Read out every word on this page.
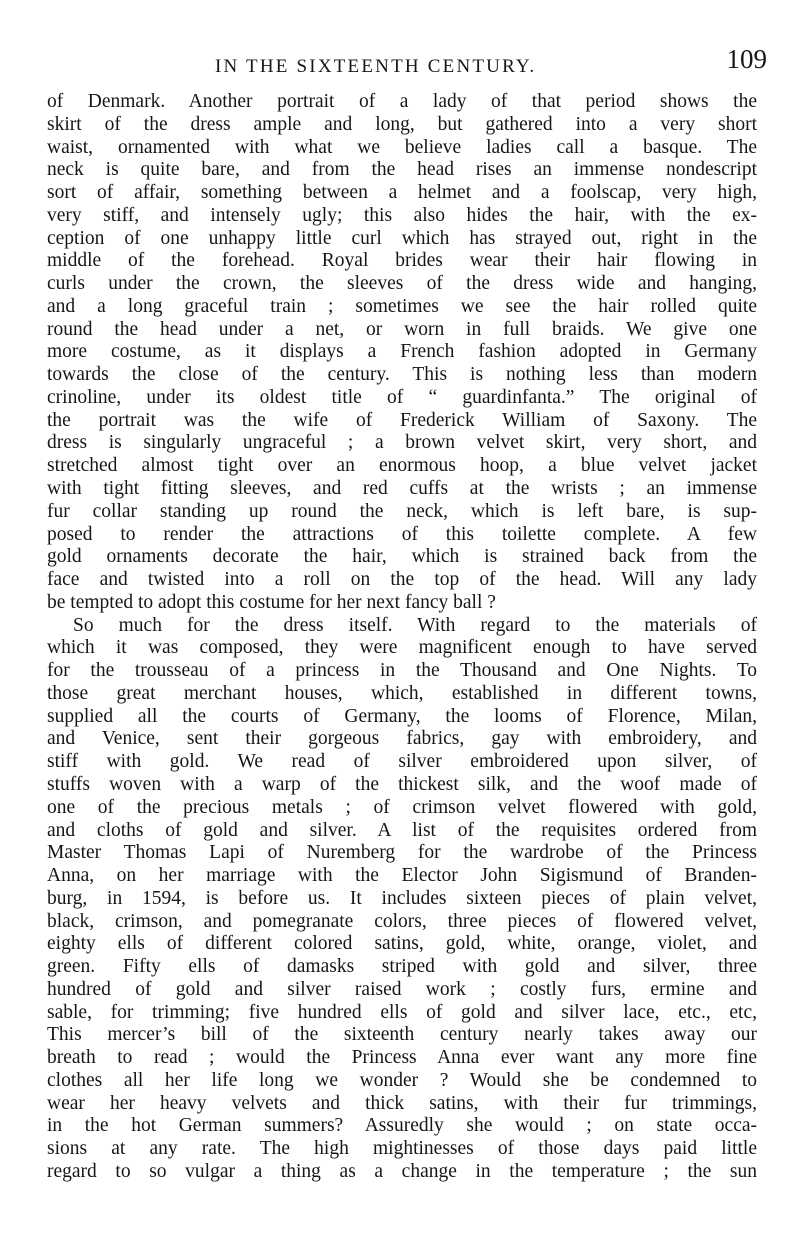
IN THE SIXTEENTH CENTURY.	109
of Denmark. Another portrait of a lady of that period shows the
skirt of the dress ample and long, but gathered into a very short
waist, ornamented with what we believe ladies call a basque. The
neck is quite bare, and from the head rises an immense nondescript
sort of affair, something between a helmet and a foolscap, very high,
very stiff, and intensely ugly; this also hides the hair, with the ex-
ception of one unhappy little curl which has strayed out, right in the
middle of the forehead. Royal brides wear their hair flowing in
curls under the crown, the sleeves of the dress wide and hanging,
and a long graceful train ; sometimes we see the hair rolled quite
round the head under a net, or worn in full braids. We give one
more costume, as it displays a French fashion adopted in Germany
towards the close of the century. This is nothing less than modern
crinoline, under its oldest title of “ guardinfanta.” The original of
the portrait was the wife of Frederick William of Saxony. The
dress is singularly ungraceful ; a brown velvet skirt, very short, and
stretched almost tight over an enormous hoop, a blue velvet jacket
with tight fitting sleeves, and red cuffs at the wrists ; an immense
fur collar standing up round the neck, which is left bare, is sup-
posed to render the attractions of this toilette complete. A few
gold ornaments decorate the hair, which is strained back from the
face and twisted into a roll on the top of the head. Will any lady
be tempted to adopt this costume for her next fancy ball ?
So much for the dress itself. With regard to the materials of
which it was composed, they were magnificent enough to have served
for the trousseau of a princess in the Thousand and One Nights. To
those great merchant houses, which, established in different towns,
supplied all the courts of Germany, the looms of Florence, Milan,
and Venice, sent their gorgeous fabrics, gay with embroidery, and
stiff with gold. We read of silver embroidered upon silver, of
stuffs woven with a warp of the thickest silk, and the woof made of
one of the precious metals ; of crimson velvet flowered with gold,
and cloths of gold and silver. A list of the requisites ordered from
Master Thomas Lapi of Nuremberg for the wardrobe of the Princess
Anna, on her marriage with the Elector John Sigismund of Branden-
burg, in 1594, is before us. It includes sixteen pieces of plain velvet,
black, crimson, and pomegranate colors, three pieces of flowered velvet,
eighty ells of different colored satins, gold, white, orange, violet, and
green. Fifty ells of damasks striped with gold and silver, three
hundred of gold and silver raised work ; costly furs, ermine and
sable, for trimming; five hundred ells of gold and silver lace, etc., etc,
This mercer’s bill of the sixteenth century nearly takes away our
breath to read ; would the Princess Anna ever want any more fine
clothes all her life long we wonder ? Would she be condemned to
wear her heavy velvets and thick satins, with their fur trimmings,
in the hot German summers? Assuredly she would ; on state occa-
sions at any rate. The high mightinesses of those days paid little
regard to so vulgar a thing as a change in the temperature ; the sun
